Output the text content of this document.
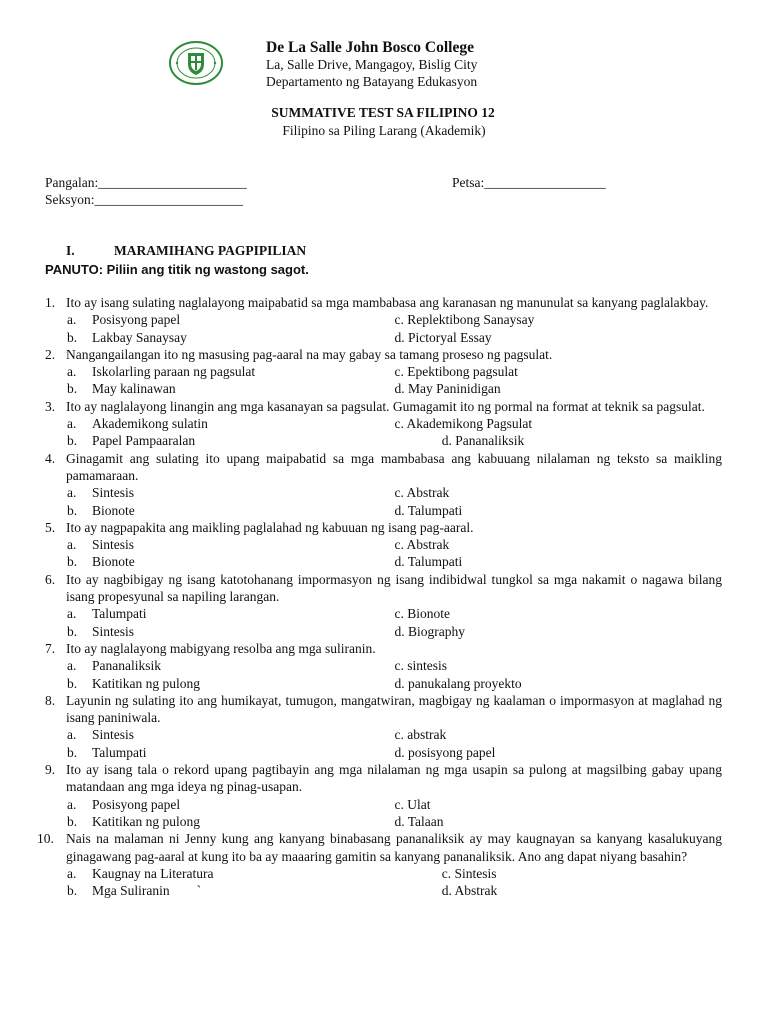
De La Salle John Bosco College
La, Salle Drive, Mangagoy, Bislig City
Departamento ng Batayang Edukasyon
SUMMATIVE TEST SA FILIPINO 12
Filipino sa Piling Larang (Akademik)
Pangalan:______________________	Petsa:__________________
Seksyon:______________________
I.	MARAMIHANG PAGPIPILIAN
PANUTO: Piliin ang titik ng wastong sagot.
1. Ito ay isang sulating naglalayong maipabatid sa mga mambabasa ang karanasan ng manunulat sa kanyang paglalakbay.
a.	Posisyong papel	c. Replektibong Sanaysay
b.	Lakbay Sanaysay	d. Pictoryal Essay
2. Nangangailangan ito ng masusing pag-aaral na may gabay sa tamang proseso ng pagsulat.
a.	Iskolarling paraan ng pagsulat	c. Epektibong pagsulat
b.	May kalinawan	d. May Paninidigan
3. Ito ay naglalayong linangin ang mga kasanayan sa pagsulat. Gumagamit ito ng pormal na format at teknik sa pagsulat.
a.	Akademikong sulatin	c. Akademikong Pagsulat
b.	Papel Pampaaralan	d. Pananaliksik
4. Ginagamit ang sulating ito upang maipabatid sa mga mambabasa ang kabuuang nilalaman ng teksto sa maikling pamamaraan.
a.	Sintesis	c. Abstrak
b.	Bionote	d. Talumpati
5. Ito ay nagpapakita ang maikling paglalahad ng kabuuan ng isang pag-aaral.
a.	Sintesis	c. Abstrak
b.	Bionote	d. Talumpati
6. Ito ay nagbibigay ng isang katotohanang impormasyon ng isang indibidwal tungkol sa mga nakamit o nagawa bilang isang propesyunal sa napiling larangan.
a.	Talumpati	c. Bionote
b.	Sintesis	d. Biography
7. Ito ay naglalayong mabigyang resolba ang mga suliranin.
a.	Pananaliksik	c. sintesis
b.	Katitikan ng pulong	d. panukalang proyekto
8. Layunin ng sulating ito ang humikayat, tumugon, mangatwiran, magbigay ng kaalaman o impormasyon at maglahad ng isang paniniwala.
a.	Sintesis	c. abstrak
b.	Talumpati	d. posisyong papel
9. Ito ay isang tala o rekord upang pagtibayin ang mga nilalaman ng mga usapin sa pulong at magsilbing gabay upang matandaan ang mga ideya ng pinag-usapan.
a.	Posisyong papel	c. Ulat
b.	Katitikan ng pulong	d. Talaan
10. Nais na malaman ni Jenny kung ang kanyang binabasang pananaliksik ay may kaugnayan sa kanyang kasalukuyang ginagawang pag-aaral at kung ito ba ay maaaring gamitin sa kanyang pananaliksik. Ano ang dapat niyang basahin?
a.	Kaugnay na Literatura	c. Sintesis
b.	Mga Suliranin        `	d. Abstrak
